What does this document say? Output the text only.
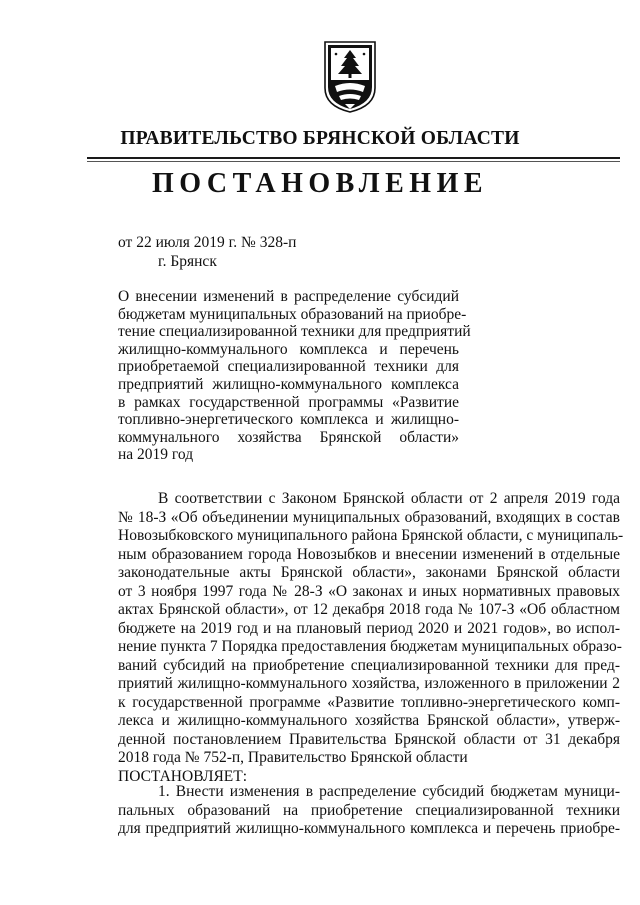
ПРАВИТЕЛЬСТВО БРЯНСКОЙ ОБЛАСТИ
ПОСТАНОВЛЕНИЕ
от 22 июля 2019 г. № 328-п
г. Брянск
О внесении изменений в распределение субсидий
бюджетам муниципальных образований на приобре-
тение специализированной техники для предприятий
жилищно-коммунального комплекса и перечень
приобретаемой специализированной техники для
предприятий жилищно-коммунального комплекса
в рамках государственной программы «Развитие
топливно-энергетического комплекса и жилищно-
коммунального хозяйства Брянской области»
на 2019 год
В соответствии с Законом Брянской области от 2 апреля 2019 года
№ 18-З «Об объединении муниципальных образований, входящих в состав
Новозыбковского муниципального района Брянской области, с муниципаль-
ным образованием города Новозыбков и внесении изменений в отдельные
законодательные акты Брянской области», законами Брянской области
от 3 ноября 1997 года № 28-З «О законах и иных нормативных правовых
актах Брянской области», от 12 декабря 2018 года № 107-З «Об областном
бюджете на 2019 год и на плановый период 2020 и 2021 годов», во испол-
нение пункта 7 Порядка предоставления бюджетам муниципальных образо-
ваний субсидий на приобретение специализированной техники для пред-
приятий жилищно-коммунального хозяйства, изложенного в приложении 2
к государственной программе «Развитие топливно-энергетического комп-
лекса и жилищно-коммунального хозяйства Брянской области», утверж-
денной постановлением Правительства Брянской области от 31 декабря
2018 года № 752-п, Правительство Брянской области
ПОСТАНОВЛЯЕТ:
1. Внести изменения в распределение субсидий бюджетам муници-
пальных образований на приобретение специализированной техники
для предприятий жилищно-коммунального комплекса и перечень приобре-
